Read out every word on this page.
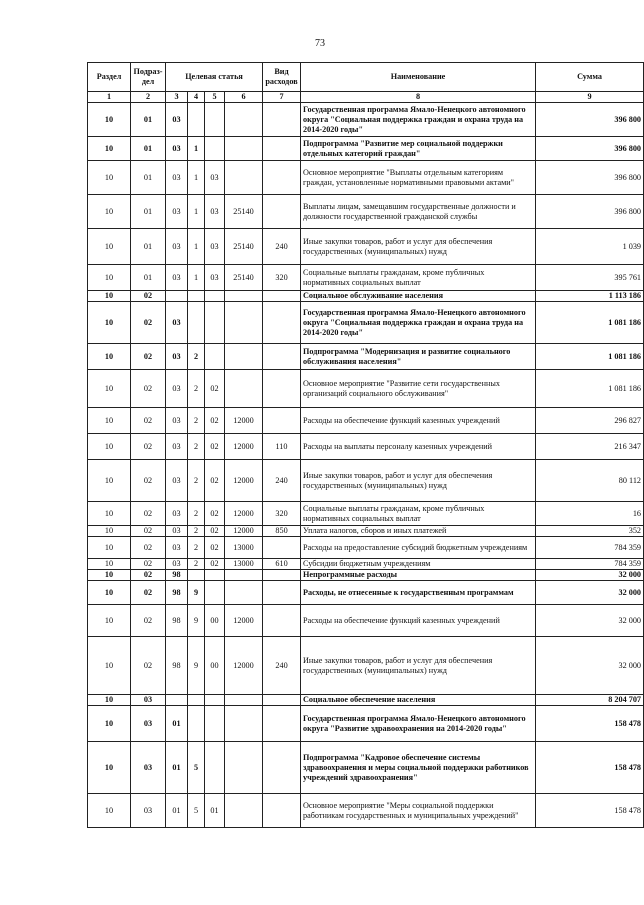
73
Раздел	Подраз-дел	Целевая статья				Вид расходов	Наименование	Сумма
1	2	3	4	5	6	7	8	9
10	01	03					Государственная программа Ямало-Ненецкого автономного округа "Социальная поддержка граждан и охрана труда на 2014-2020 годы"	396 800
10	01	03	1				Подпрограмма "Развитие мер социальной поддержки отдельных категорий граждан"	396 800
10	01	03	1	03			Основное мероприятие "Выплаты отдельным категориям граждан, установленные нормативными правовыми актами"	396 800
10	01	03	1	03	25140		Выплаты лицам, замещавшим государственные должности и должности государственной гражданской службы	396 800
10	01	03	1	03	25140	240	Иные закупки товаров, работ и услуг для обеспечения государственных (муниципальных) нужд	1 039
10	01	03	1	03	25140	320	Социальные выплаты гражданам, кроме публичных нормативных социальных выплат	395 761
10	02						Социальное обслуживание населения	1 113 186
10	02	03					Государственная программа Ямало-Ненецкого автономного округа "Социальная поддержка граждан и охрана труда на 2014-2020 годы"	1 081 186
10	02	03	2				Подпрограмма "Модернизация и развитие социального обслуживания населения"	1 081 186
10	02	03	2	02			Основное мероприятие "Развитие сети государственных организаций социального обслуживания"	1 081 186
10	02	03	2	02	12000		Расходы на обеспечение функций казенных учреждений	296 827
10	02	03	2	02	12000	110	Расходы на выплаты персоналу казенных учреждений	216 347
10	02	03	2	02	12000	240	Иные закупки товаров, работ и услуг для обеспечения государственных (муниципальных) нужд	80 112
10	02	03	2	02	12000	320	Социальные выплаты гражданам, кроме публичных нормативных социальных выплат	16
10	02	03	2	02	12000	850	Уплата налогов, сборов и иных платежей	352
10	02	03	2	02	13000		Расходы на предоставление субсидий бюджетным учреждениям	784 359
10	02	03	2	02	13000	610	Субсидии бюджетным учреждениям	784 359
10	02	98					Непрограммные расходы	32 000
10	02	98	9				Расходы, не отнесенные к государственным программам	32 000
10	02	98	9	00	12000		Расходы на обеспечение функций казенных учреждений	32 000
10	02	98	9	00	12000	240	Иные закупки товаров, работ и услуг для обеспечения государственных (муниципальных) нужд	32 000
10	03						Социальное обеспечение населения	8 204 707
10	03	01					Государственная программа Ямало-Ненецкого автономного округа "Развитие здравоохранения на 2014-2020 годы"	158 478
10	03	01	5				Подпрограмма "Кадровое обеспечение системы здравоохранения и меры социальной поддержки работников учреждений здравоохранения"	158 478
10	03	01	5	01			Основное мероприятие "Меры социальной поддержки работникам государственных и муниципальных учреждений"	158 478
